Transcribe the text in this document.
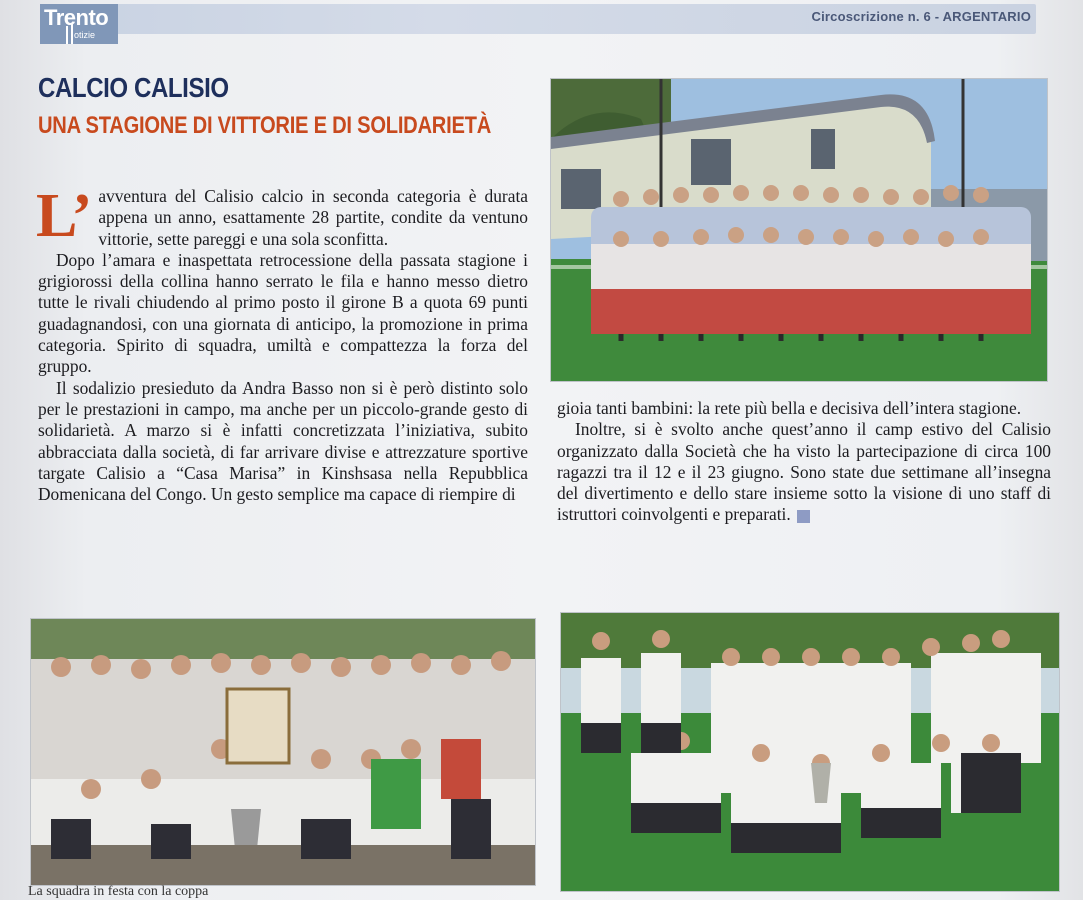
Trento
otizie
Circoscrizione n. 6 - ARGENTARIO
CALCIO CALISIO
UNA STAGIONE DI VITTORIE E DI SOLIDARIETÀ

L’ avventura del Calisio calcio in seconda categoria è durata appena un anno, esattamente 28 partite, condite da ventuno vittorie, sette pareggi e una sola sconfitta.

Dopo l’amara e inaspettata retrocessione della passata stagione i grigiorossi della collina hanno serrato le fila e hanno messo dietro tutte le rivali chiudendo al primo posto il girone B a quota 69 punti guadagnandosi, con una giornata di anticipo, la promozione in prima categoria. Spirito di squadra, umiltà e compattezza la forza del gruppo.

Il sodalizio presieduto da Andra Basso non si è però distinto solo per le prestazioni in campo, ma anche per un piccolo-grande gesto di solidarietà. A marzo si è infatti concretizzata l’iniziativa, subito abbracciata dalla società, di far arrivare divise e attrezzature sportive targate Calisio a “Casa Marisa” in Kinshsasa nella Repubblica Domenicana del Congo. Un gesto semplice ma capace di riempire di

gioia tanti bambini: la rete più bella e decisiva dell’intera stagione.

Inoltre, si è svolto anche quest’anno il camp estivo del Calisio organizzato dalla Società che ha visto la partecipazione di circa 100 ragazzi tra il 12 e il 23 giugno. Sono state due settimane all’insegna del divertimento e dello stare insieme sotto la visione di uno staff di istruttori coinvolgenti e preparati.

La squadra in festa con la coppa
